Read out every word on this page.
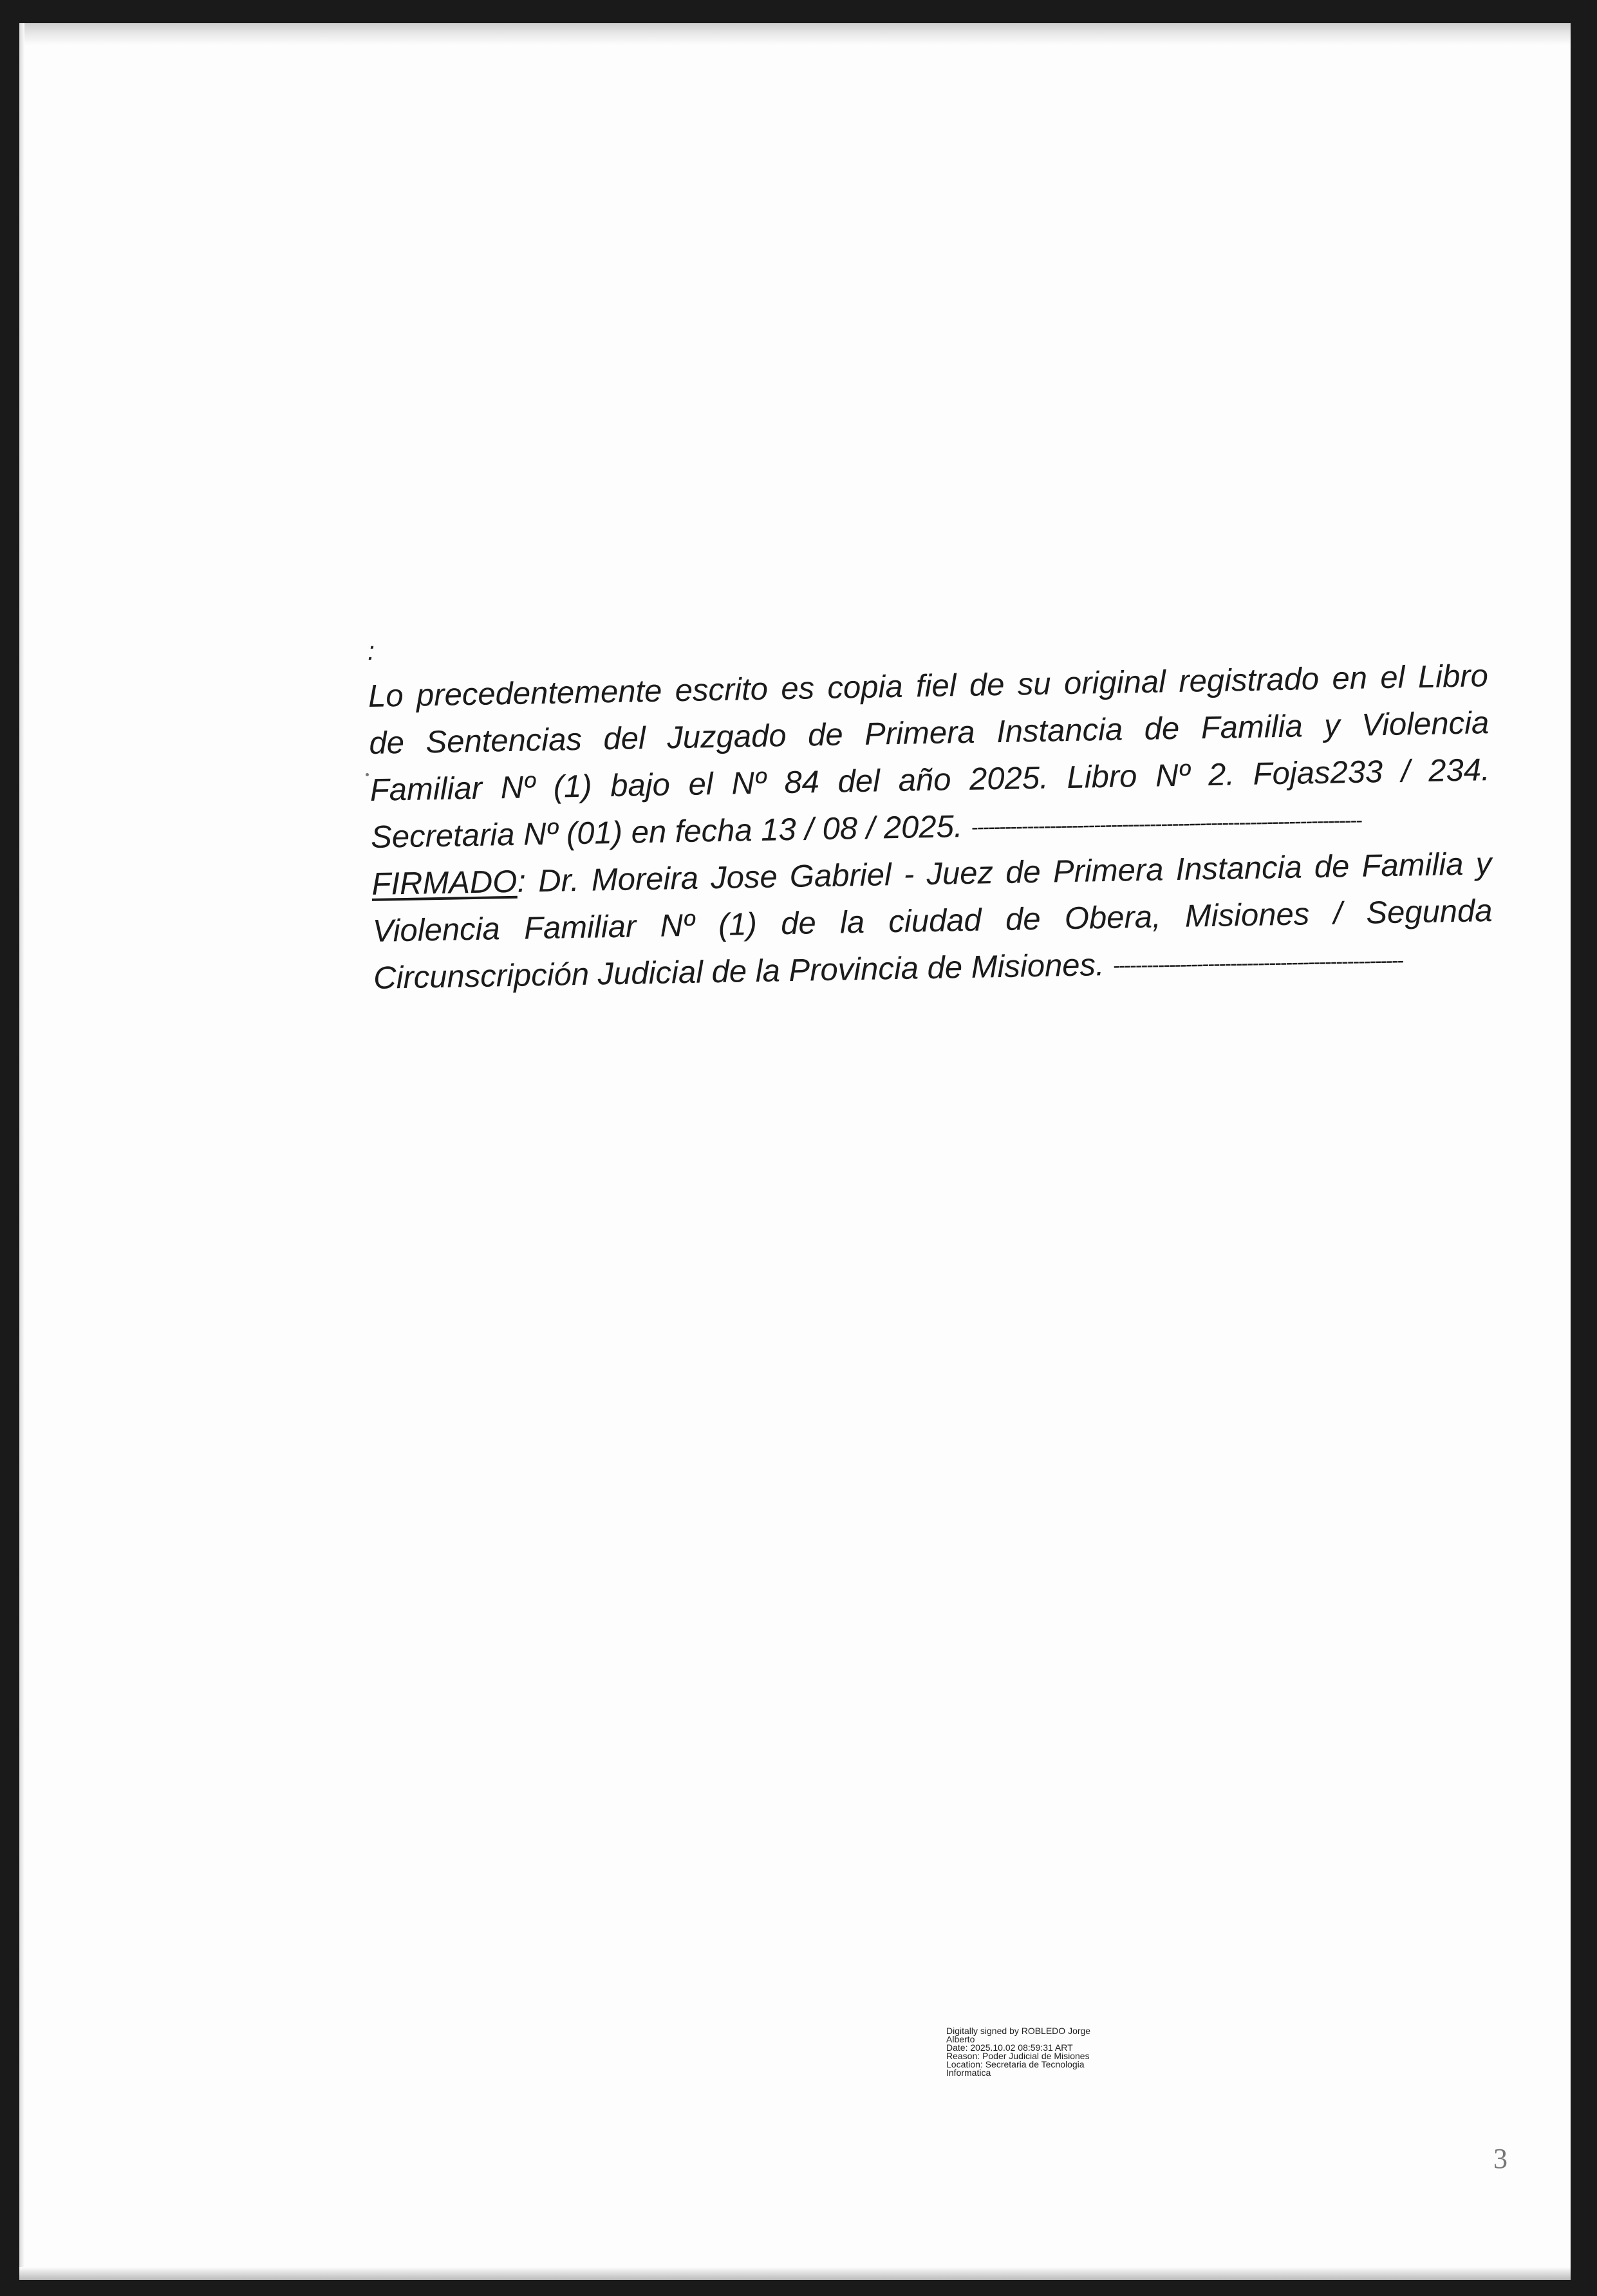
:

Lo precedentemente escrito es copia fiel de su original registrado en el Libro
de Sentencias del Juzgado de Primera Instancia de Familia y Violencia
Familiar Nº (1) bajo el Nº 84 del año 2025. Libro Nº 2. Fojas233 / 234.
Secretaria Nº (01) en fecha 13 / 08 / 2025. ----------------------------------------------------------------------
FIRMADO: Dr. Moreira Jose Gabriel - Juez de Primera Instancia de Familia y
Violencia Familiar Nº (1) de la ciudad de Obera, Misiones / Segunda
Circunscripción Judicial de la Provincia de Misiones. ----------------------------------------------------

Digitally signed by ROBLEDO Jorge
Alberto
Date: 2025.10.02 08:59:31 ART
Reason: Poder Judicial de Misiones
Location: Secretaria de Tecnologia
Informatica
3
